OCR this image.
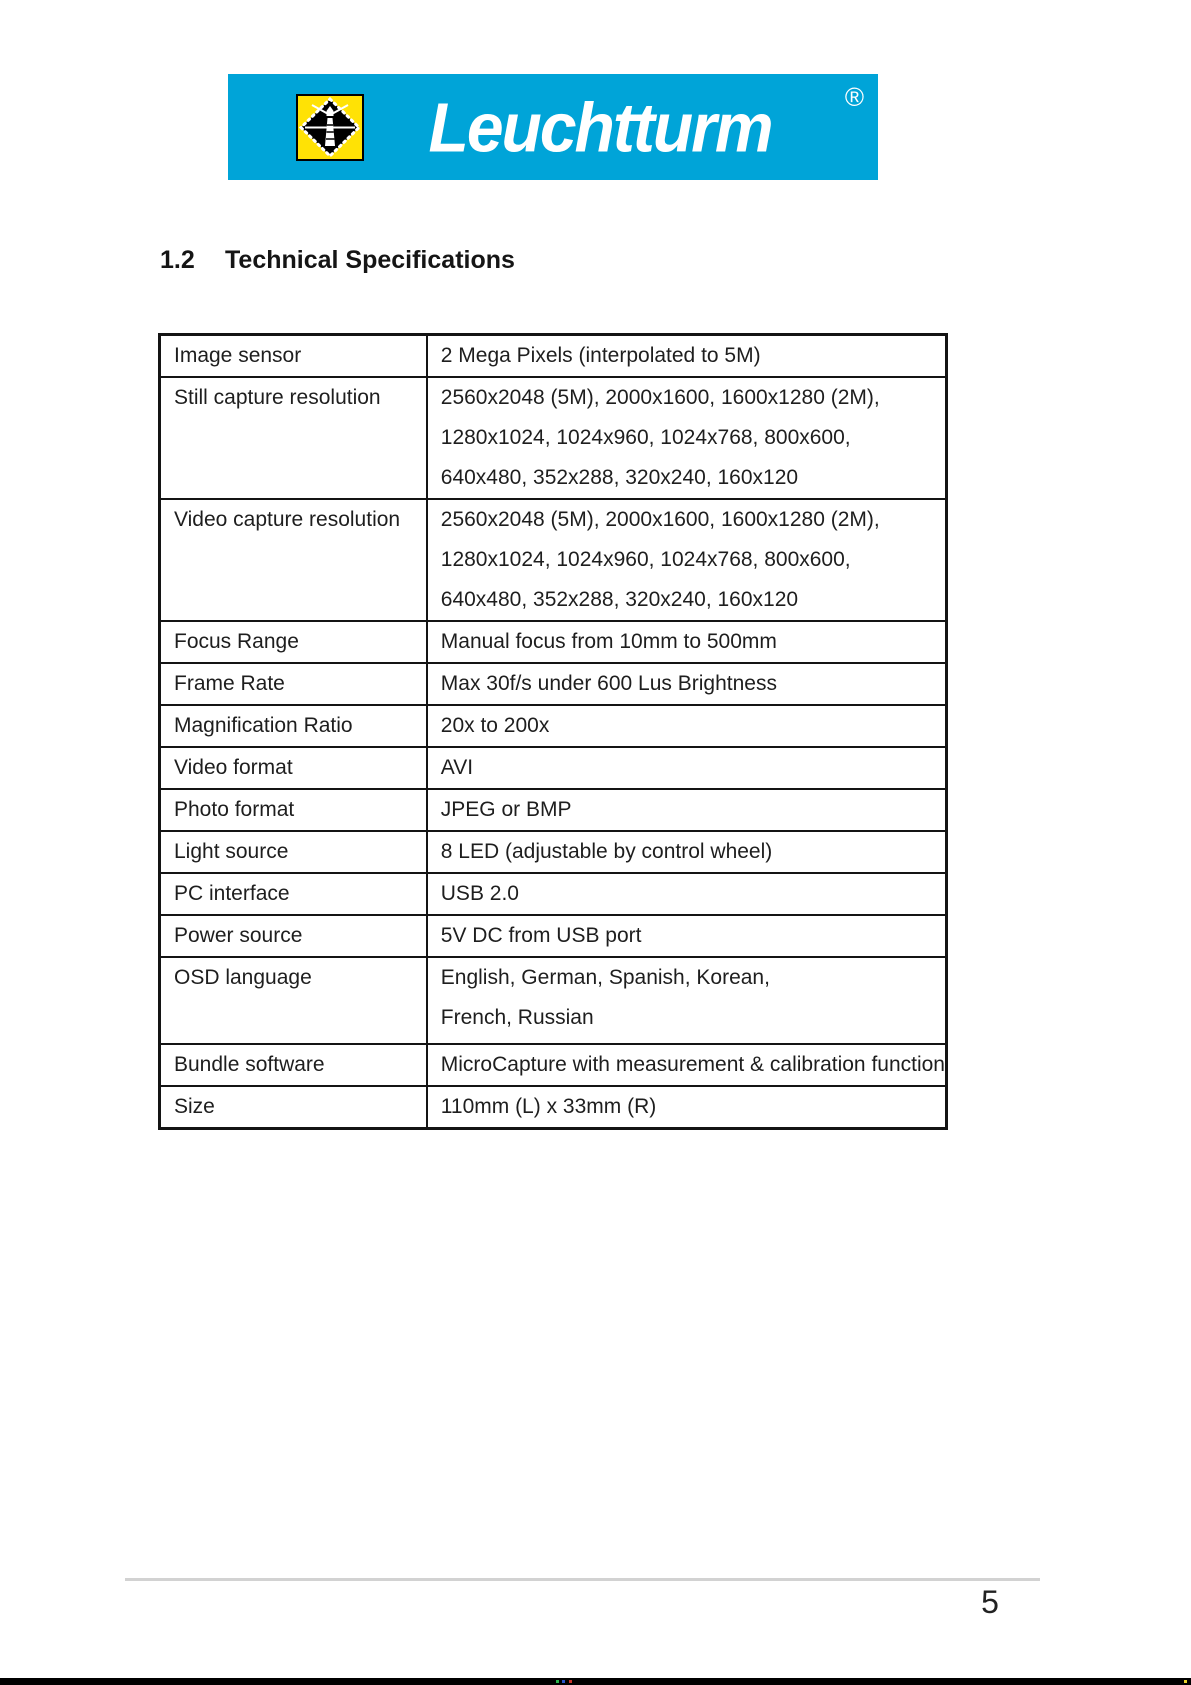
Leuchtturm	®
1.2	Technical Specifications
Image sensor	2 Mega Pixels (interpolated to 5M)

Still capture resolution	2560x2048 (5M), 2000x1600, 1600x1280 (2M),
1280x1024, 1024x960, 1024x768, 800x600,
640x480, 352x288, 320x240, 160x120

Video capture resolution	2560x2048 (5M), 2000x1600, 1600x1280 (2M),
1280x1024, 1024x960, 1024x768, 800x600,
640x480, 352x288, 320x240, 160x120

Focus Range	Manual focus from 10mm to 500mm

Frame Rate	Max 30f/s under 600 Lus Brightness

Magnification Ratio	20x to 200x

Video format	AVI

Photo format	JPEG or BMP

Light source	8 LED (adjustable by control wheel)

PC interface	USB 2.0

Power source	5V DC from USB port

OSD language	English, German, Spanish, Korean,
French, Russian

Bundle software	MicroCapture with measurement & calibration function

Size	110mm (L) x 33mm (R)
5
